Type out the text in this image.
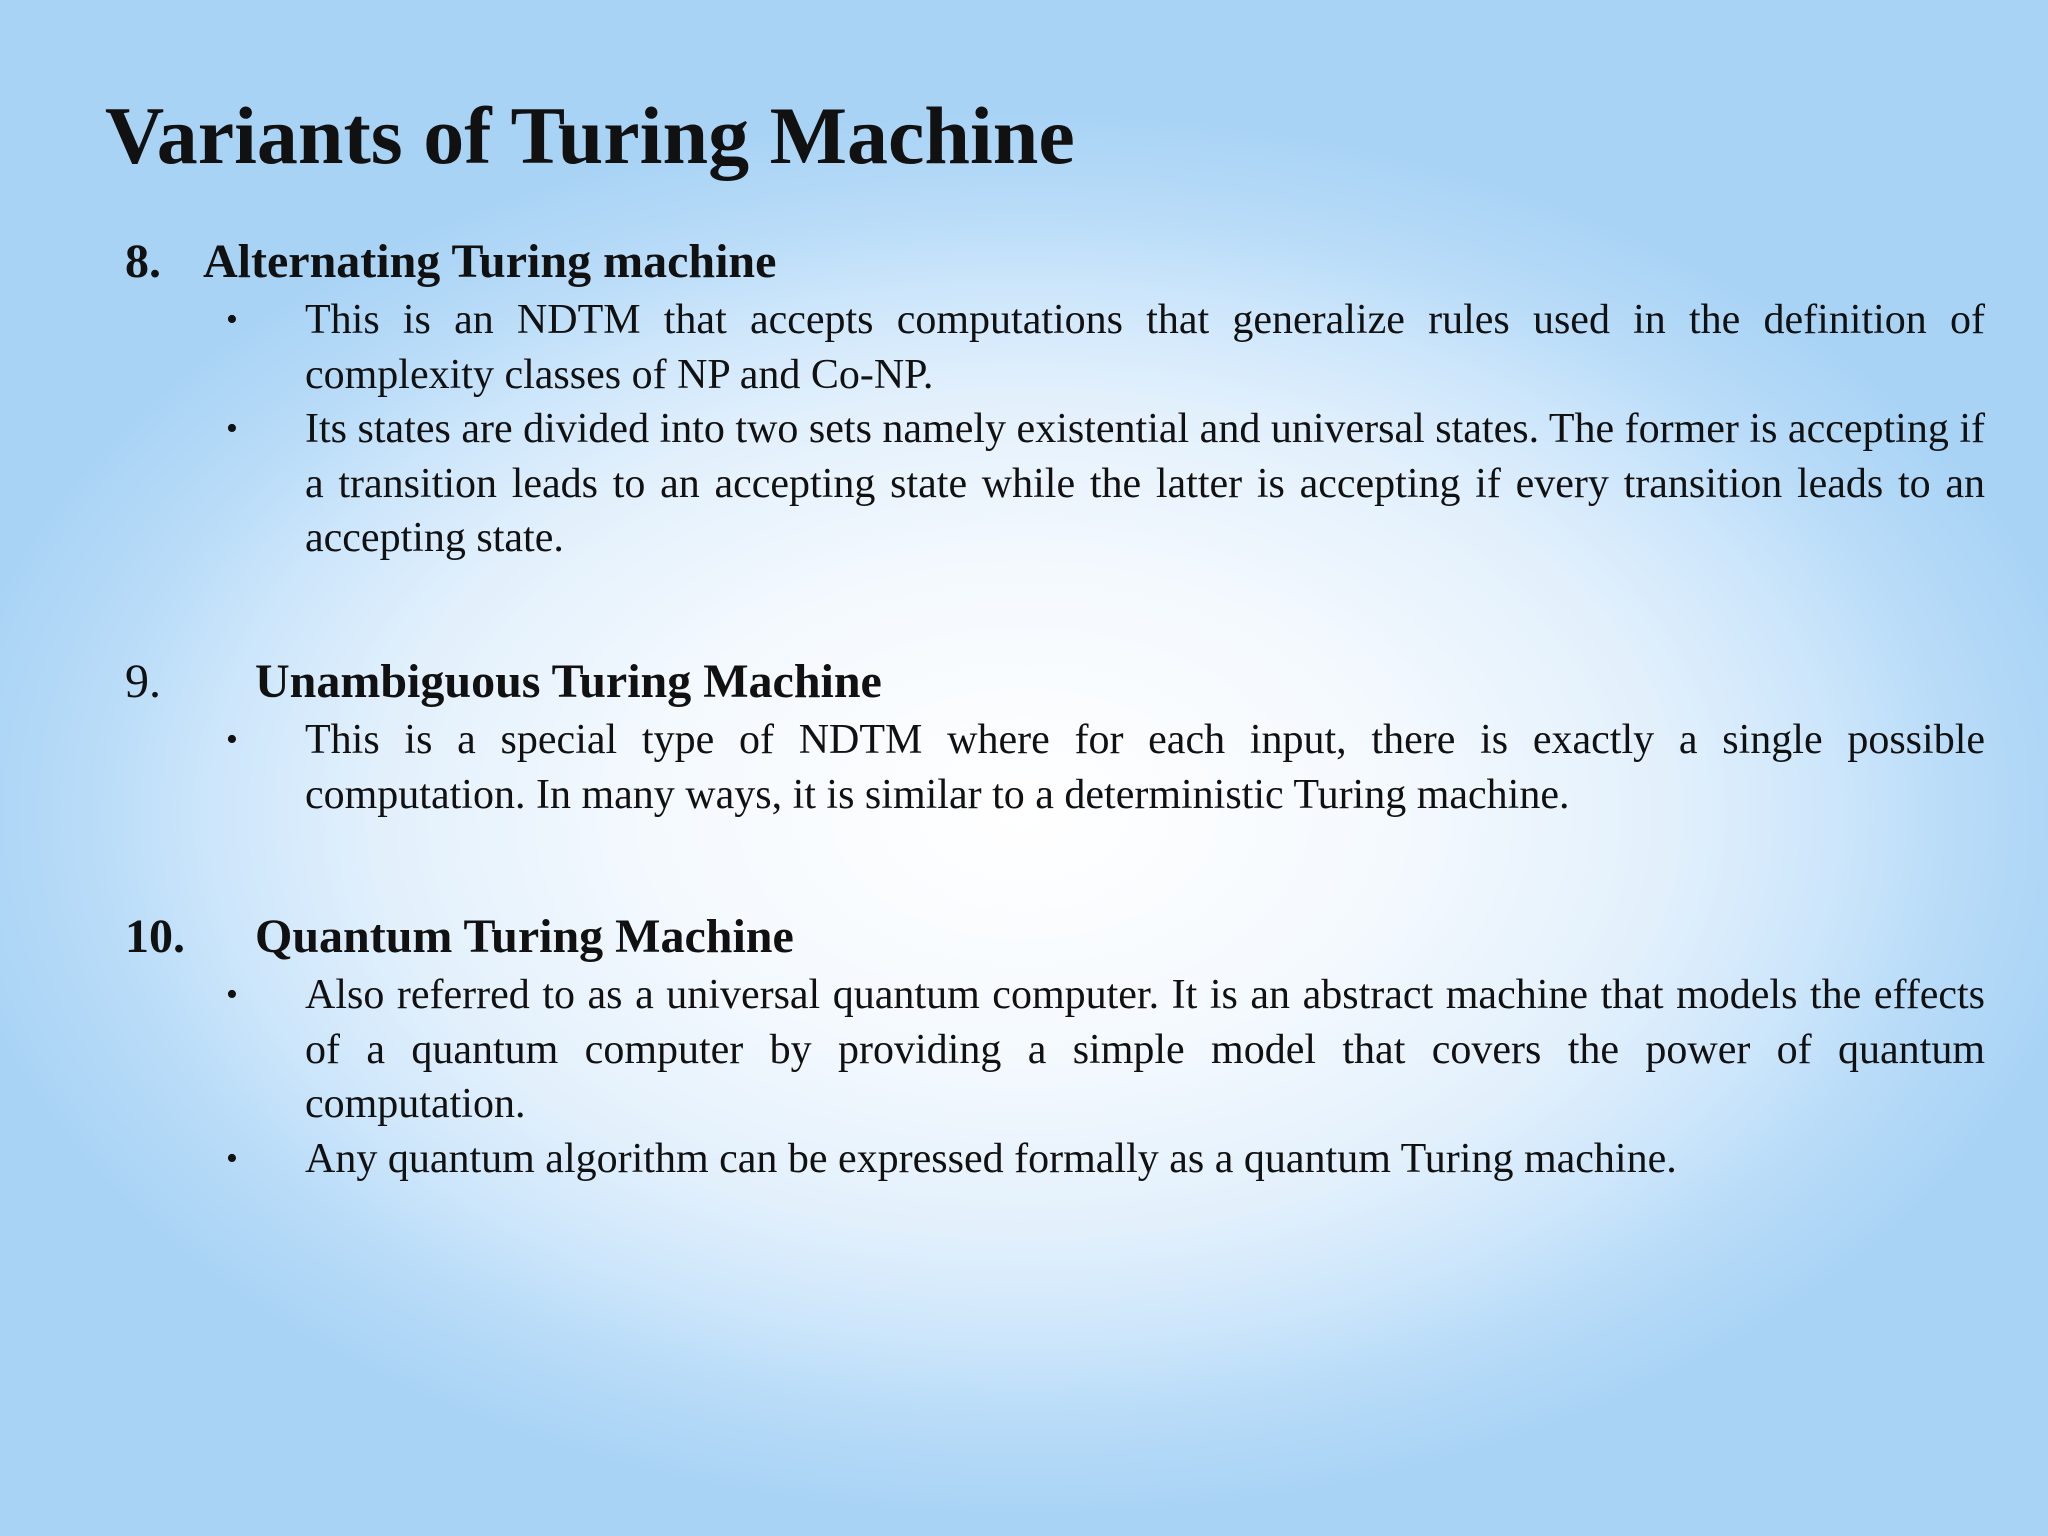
Variants of Turing Machine
8. Alternating Turing machine
• This is an NDTM that accepts computations that generalize rules used in the definition of complexity classes of NP and Co-NP.
• Its states are divided into two sets namely existential and universal states. The former is accepting if a transition leads to an accepting state while the latter is accepting if every transition leads to an accepting state.
9. Unambiguous Turing Machine
• This is a special type of NDTM where for each input, there is exactly a single possible computation. In many ways, it is similar to a deterministic Turing machine.
10. Quantum Turing Machine
• Also referred to as a universal quantum computer. It is an abstract machine that models the effects of a quantum computer by providing a simple model that covers the power of quantum computation.
• Any quantum algorithm can be expressed formally as a quantum Turing machine.
